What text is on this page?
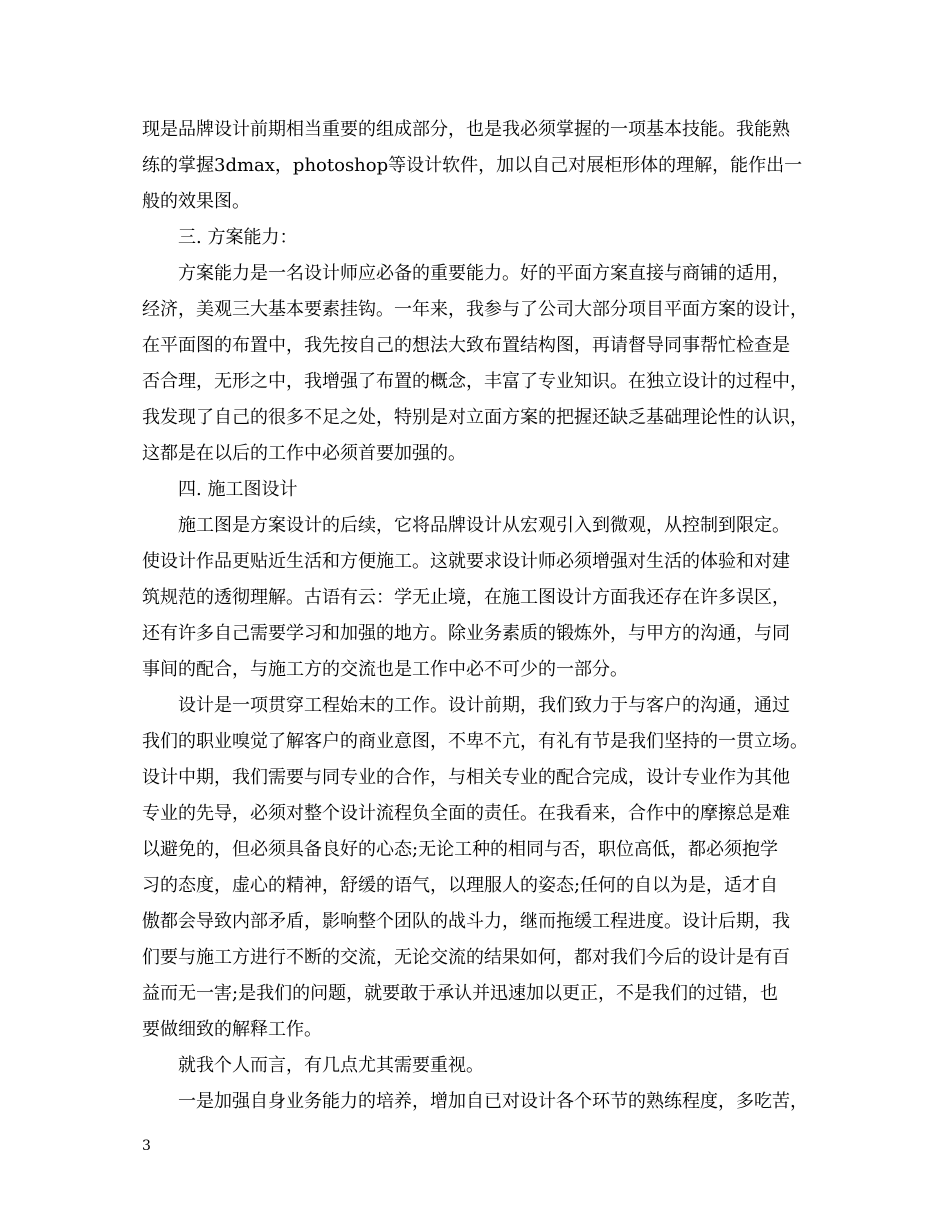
现是品牌设计前期相当重要的组成部分，也是我必须掌握的一项基本技能。我能熟
练的掌握3dmax，photoshop等设计软件，加以自己对展柜形体的理解，能作出一
般的效果图。
三. 方案能力：
方案能力是一名设计师应必备的重要能力。好的平面方案直接与商铺的适用，
经济，美观三大基本要素挂钩。一年来，我参与了公司大部分项目平面方案的设计，
在平面图的布置中，我先按自己的想法大致布置结构图，再请督导同事帮忙检查是
否合理，无形之中，我增强了布置的概念，丰富了专业知识。在独立设计的过程中，
我发现了自己的很多不足之处，特别是对立面方案的把握还缺乏基础理论性的认识，
这都是在以后的工作中必须首要加强的。
四. 施工图设计
施工图是方案设计的后续，它将品牌设计从宏观引入到微观，从控制到限定。
使设计作品更贴近生活和方便施工。这就要求设计师必须增强对生活的体验和对建
筑规范的透彻理解。古语有云：学无止境，在施工图设计方面我还存在许多误区，
还有许多自己需要学习和加强的地方。除业务素质的锻炼外，与甲方的沟通，与同
事间的配合，与施工方的交流也是工作中必不可少的一部分。
设计是一项贯穿工程始末的工作。设计前期，我们致力于与客户的沟通，通过
我们的职业嗅觉了解客户的商业意图，不卑不亢，有礼有节是我们坚持的一贯立场。
设计中期，我们需要与同专业的合作，与相关专业的配合完成，设计专业作为其他
专业的先导，必须对整个设计流程负全面的责任。在我看来，合作中的摩擦总是难
以避免的，但必须具备良好的心态;无论工种的相同与否，职位高低，都必须抱学
习的态度，虚心的精神，舒缓的语气，以理服人的姿态;任何的自以为是，适才自
傲都会导致内部矛盾，影响整个团队的战斗力，继而拖缓工程进度。设计后期，我
们要与施工方进行不断的交流，无论交流的结果如何，都对我们今后的设计是有百
益而无一害;是我们的问题，就要敢于承认并迅速加以更正，不是我们的过错，也
要做细致的解释工作。
就我个人而言，有几点尤其需要重视。
一是加强自身业务能力的培养，增加自已对设计各个环节的熟练程度，多吃苦，
3
